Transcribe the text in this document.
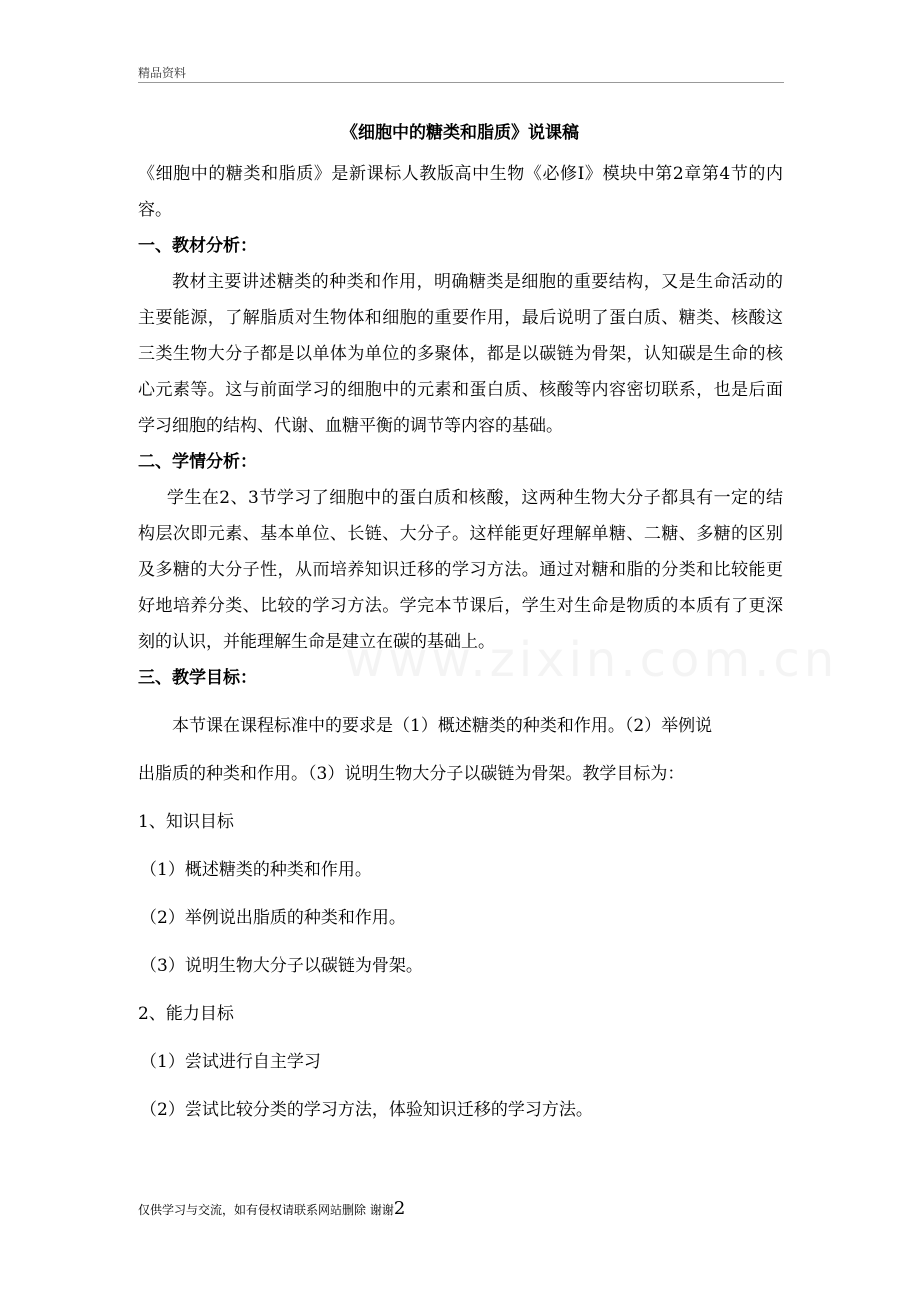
精品资料
《细胞中的糖类和脂质》说课稿

《细胞中的糖类和脂质》是新课标人教版高中生物《必修I》模块中第2章第4节的内容。

一、教材分析：

教材主要讲述糖类的种类和作用，明确糖类是细胞的重要结构，又是生命活动的主要能源，了解脂质对生物体和细胞的重要作用，最后说明了蛋白质、糖类、核酸这三类生物大分子都是以单体为单位的多聚体，都是以碳链为骨架，认知碳是生命的核心元素等。这与前面学习的细胞中的元素和蛋白质、核酸等内容密切联系，也是后面学习细胞的结构、代谢、血糖平衡的调节等内容的基础。

二、学情分析：

学生在2、3节学习了细胞中的蛋白质和核酸，这两种生物大分子都具有一定的结构层次即元素、基本单位、长链、大分子。这样能更好理解单糖、二糖、多糖的区别及多糖的大分子性，从而培养知识迁移的学习方法。通过对糖和脂的分类和比较能更好地培养分类、比较的学习方法。学完本节课后，学生对生命是物质的本质有了更深刻的认识，并能理解生命是建立在碳的基础上。

三、教学目标：

本节课在课程标准中的要求是（1）概述糖类的种类和作用。（2）举例说

出脂质的种类和作用。（3）说明生物大分子以碳链为骨架。教学目标为：

1、知识目标

（1）概述糖类的种类和作用。

（2）举例说出脂质的种类和作用。

（3）说明生物大分子以碳链为骨架。

2、能力目标

（1）尝试进行自主学习

（2）尝试比较分类的学习方法，体验知识迁移的学习方法。

仅供学习与交流，如有侵权请联系网站删除 谢谢2
